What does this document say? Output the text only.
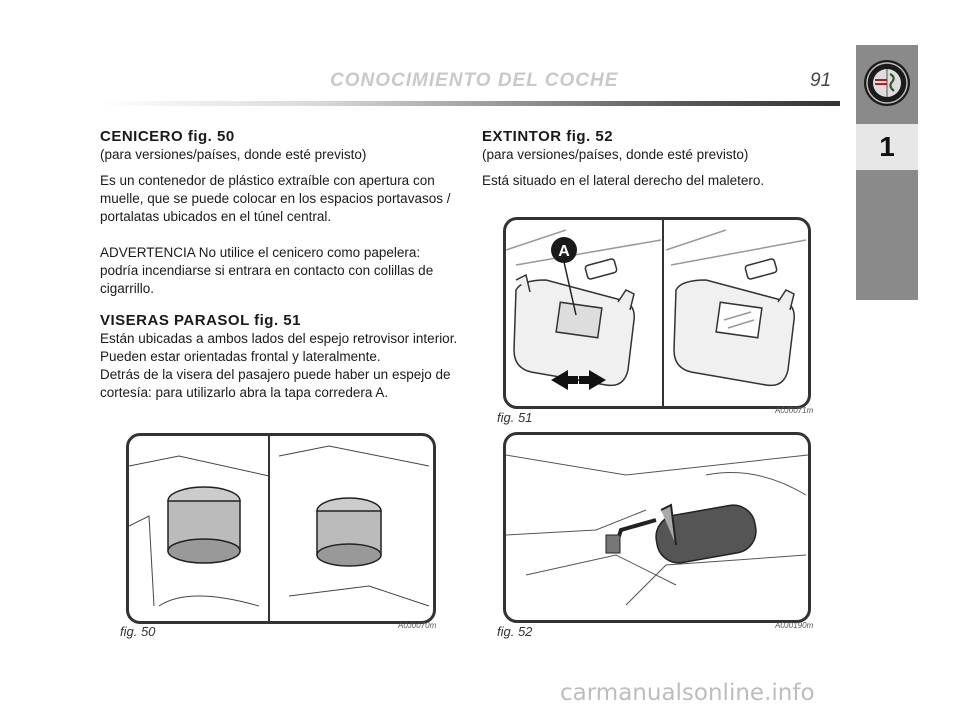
CONOCIMIENTO DEL COCHE	91
1
CENICERO fig. 50
(para versiones/países, donde esté previsto)

Es un contenedor de plástico extraíble con apertura con muelle, que se puede colocar en los espacios portavasos / portalatas ubicados en el túnel central.

ADVERTENCIA No utilice el cenicero como papelera: podría incendiarse si entrara en contacto con colillas de cigarrillo.

VISERAS PARASOL fig. 51
Están ubicadas a ambos lados del espejo retrovisor interior. Pueden estar orientadas frontal y lateralmente.
Detrás de la visera del pasajero puede haber un espejo de cortesía: para utilizarlo abra la tapa corredera A.
EXTINTOR fig. 52
(para versiones/países, donde esté previsto)

Está situado en el lateral derecho del maletero.

A
fig. 51	A0J0071m
fig. 52	A0J0190m
fig. 50	A0J0070m
carmanualsonline.info
